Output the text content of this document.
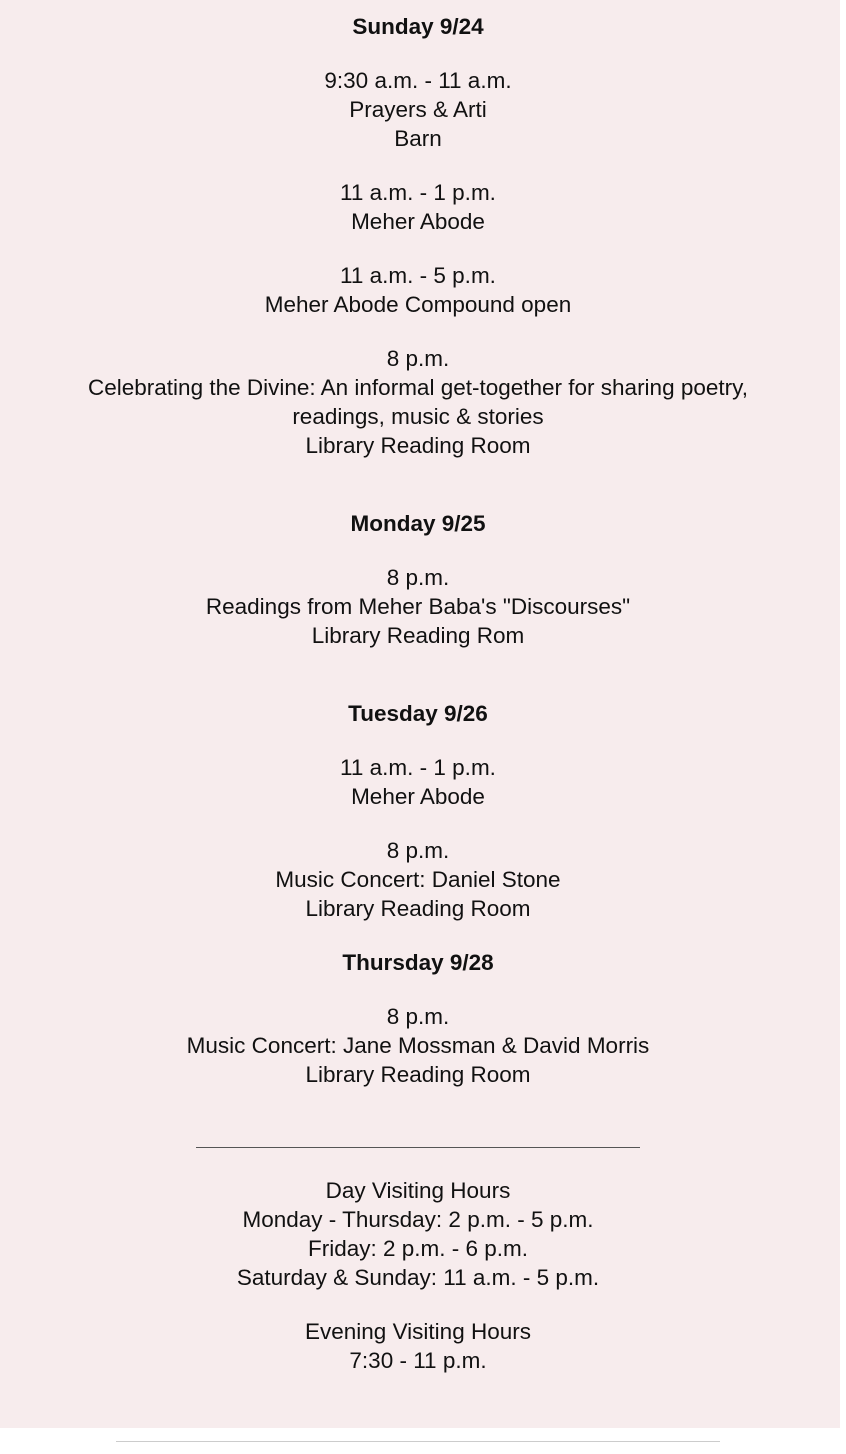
Sunday 9/24
9:30 a.m. - 11 a.m.
Prayers & Arti
Barn
11 a.m. - 1 p.m.
Meher Abode
11 a.m. - 5 p.m.
Meher Abode Compound open
8 p.m.
Celebrating the Divine: An informal get-together for sharing poetry,
readings, music & stories
Library Reading Room
Monday 9/25
8 p.m.
Readings from Meher Baba's "Discourses"
Library Reading Rom
Tuesday 9/26
11 a.m. - 1 p.m.
Meher Abode
8 p.m.
Music Concert: Daniel Stone
Library Reading Room
Thursday 9/28
8 p.m.
Music Concert: Jane Mossman & David Morris
Library Reading Room
Day Visiting Hours
Monday - Thursday: 2 p.m. - 5 p.m.
Friday: 2 p.m. - 6 p.m.
Saturday & Sunday: 11 a.m. - 5 p.m.
Evening Visiting Hours
7:30 - 11 p.m.
